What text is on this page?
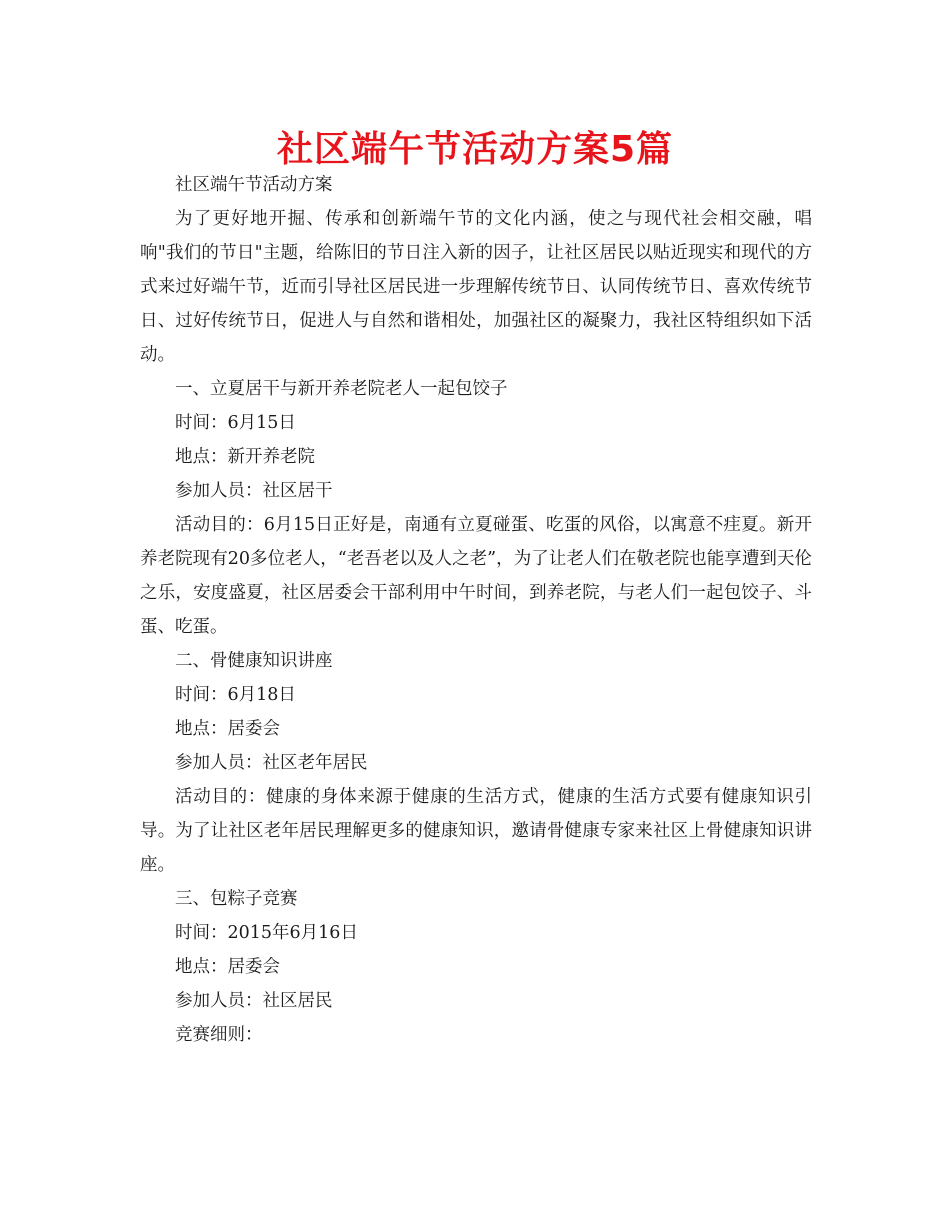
社区端午节活动方案5篇

社区端午节活动方案

为了更好地开掘、传承和创新端午节的文化内涵，使之与现代社会相交融，唱响"我们的节日"主题，给陈旧的节日注入新的因子，让社区居民以贴近现实和现代的方式来过好端午节，近而引导社区居民进一步理解传统节日、认同传统节日、喜欢传统节日、过好传统节日，促进人与自然和谐相处，加强社区的凝聚力，我社区特组织如下活动。

一、立夏居干与新开养老院老人一起包饺子

时间：6月15日

地点：新开养老院

参加人员：社区居干

活动目的：6月15日正好是，南通有立夏碰蛋、吃蛋的风俗，以寓意不疰夏。新开养老院现有20多位老人，“老吾老以及人之老”，为了让老人们在敬老院也能享遭到天伦之乐，安度盛夏，社区居委会干部利用中午时间，到养老院，与老人们一起包饺子、斗蛋、吃蛋。

二、骨健康知识讲座

时间：6月18日

地点：居委会

参加人员：社区老年居民

活动目的：健康的身体来源于健康的生活方式，健康的生活方式要有健康知识引导。为了让社区老年居民理解更多的健康知识，邀请骨健康专家来社区上骨健康知识讲座。

三、包粽子竞赛

时间：2015年6月16日

地点：居委会

参加人员：社区居民

竞赛细则：
